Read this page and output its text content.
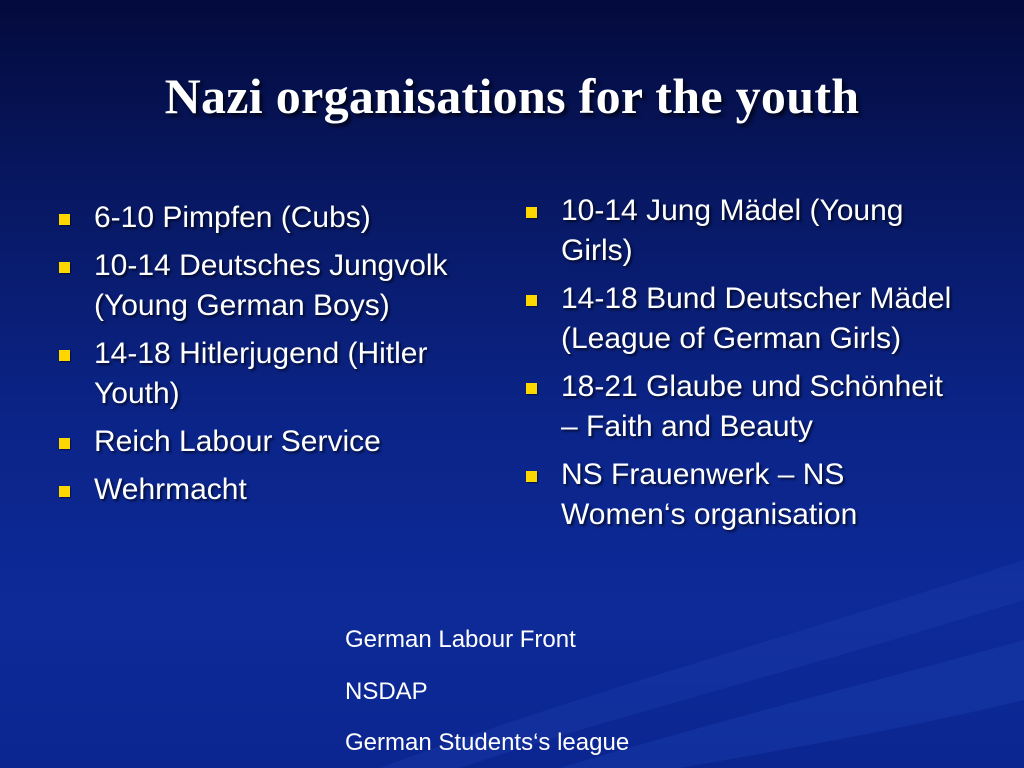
Nazi organisations for the youth
6-10 Pimpfen (Cubs)
10-14 Deutsches Jungvolk (Young German Boys)
14-18 Hitlerjugend (Hitler Youth)
Reich Labour Service
Wehrmacht
10-14 Jung Mädel (Young Girls)
14-18 Bund Deutscher Mädel (League of German Girls)
18-21 Glaube und Schönheit – Faith and Beauty
NS Frauenwerk – NS Women‘s organisation
German Labour Front
NSDAP
German Students‘s league
